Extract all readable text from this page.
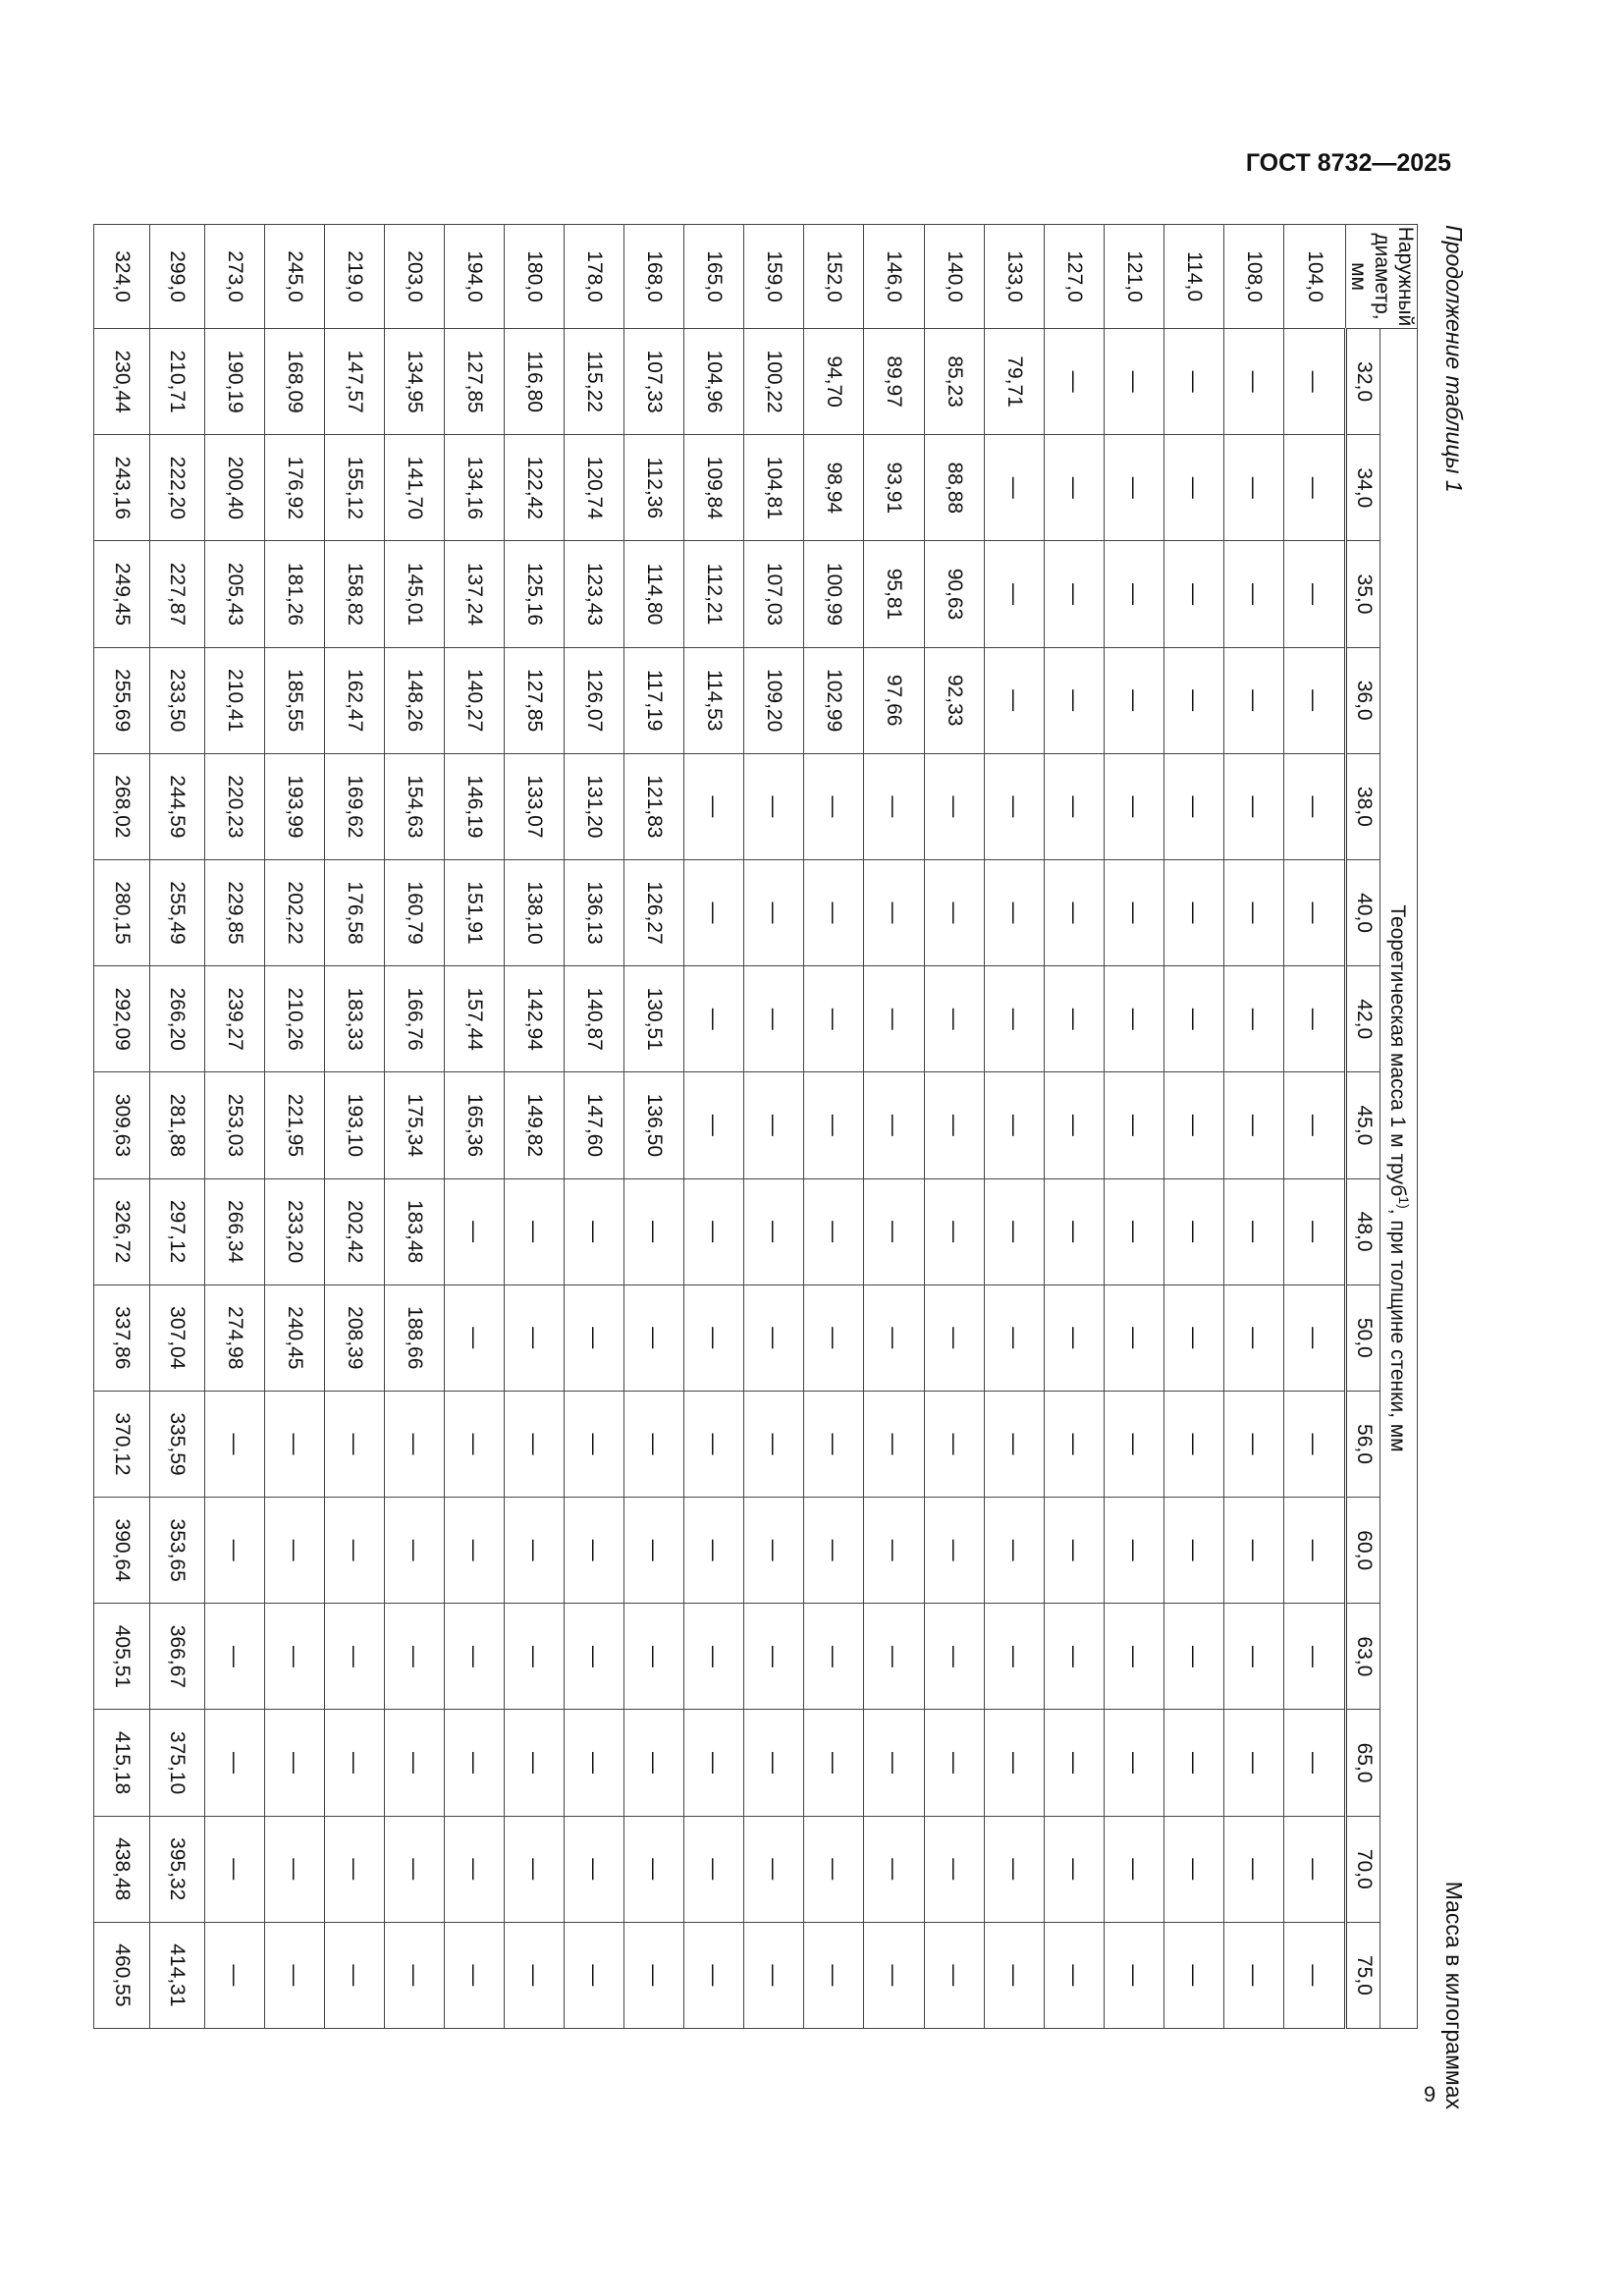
ГОСТ 8732—2025
Продолжение таблицы 1
Масса в килограммах
Наружный диаметр, мм	Теоретическая масса 1 м труб$^{1)}$, при толщине стенки, мм															
	32,0	34,0	35,0	36,0	38,0	40,0	42,0	45,0	48,0	50,0	56,0	60,0	63,0	65,0	70,0	75,0
104,0	—	—	—	—	—	—	—	—	—	—	—	—	—	—	—	—
108,0	—	—	—	—	—	—	—	—	—	—	—	—	—	—	—	—
114,0	—	—	—	—	—	—	—	—	—	—	—	—	—	—	—	—
121,0	—	—	—	—	—	—	—	—	—	—	—	—	—	—	—	—
127,0	—	—	—	—	—	—	—	—	—	—	—	—	—	—	—	—
133,0	79,71	—	—	—	—	—	—	—	—	—	—	—	—	—	—	—
140,0	85,23	88,88	90,63	92,33	—	—	—	—	—	—	—	—	—	—	—	—
146,0	89,97	93,91	95,81	97,66	—	—	—	—	—	—	—	—	—	—	—	—
152,0	94,70	98,94	100,99	102,99	—	—	—	—	—	—	—	—	—	—	—	—
159,0	100,22	104,81	107,03	109,20	—	—	—	—	—	—	—	—	—	—	—	—
165,0	104,96	109,84	112,21	114,53	—	—	—	—	—	—	—	—	—	—	—	—
168,0	107,33	112,36	114,80	117,19	121,83	126,27	130,51	136,50	—	—	—	—	—	—	—	—
178,0	115,22	120,74	123,43	126,07	131,20	136,13	140,87	147,60	—	—	—	—	—	—	—	—
180,0	116,80	122,42	125,16	127,85	133,07	138,10	142,94	149,82	—	—	—	—	—	—	—	—
194,0	127,85	134,16	137,24	140,27	146,19	151,91	157,44	165,36	—	—	—	—	—	—	—	—
203,0	134,95	141,70	145,01	148,26	154,63	160,79	166,76	175,34	183,48	188,66	—	—	—	—	—	—
219,0	147,57	155,12	158,82	162,47	169,62	176,58	183,33	193,10	202,42	208,39	—	—	—	—	—	—
245,0	168,09	176,92	181,26	185,55	193,99	202,22	210,26	221,95	233,20	240,45	—	—	—	—	—	—
273,0	190,19	200,40	205,43	210,41	220,23	229,85	239,27	253,03	266,34	274,98	—	—	—	—	—	—
299,0	210,71	222,20	227,87	233,50	244,59	255,49	266,20	281,88	297,12	307,04	335,59	353,65	366,67	375,10	395,32	414,31
324,0	230,44	243,16	249,45	255,69	268,02	280,15	292,09	309,63	326,72	337,86	370,12	390,64	405,51	415,18	438,48	460,55
9
